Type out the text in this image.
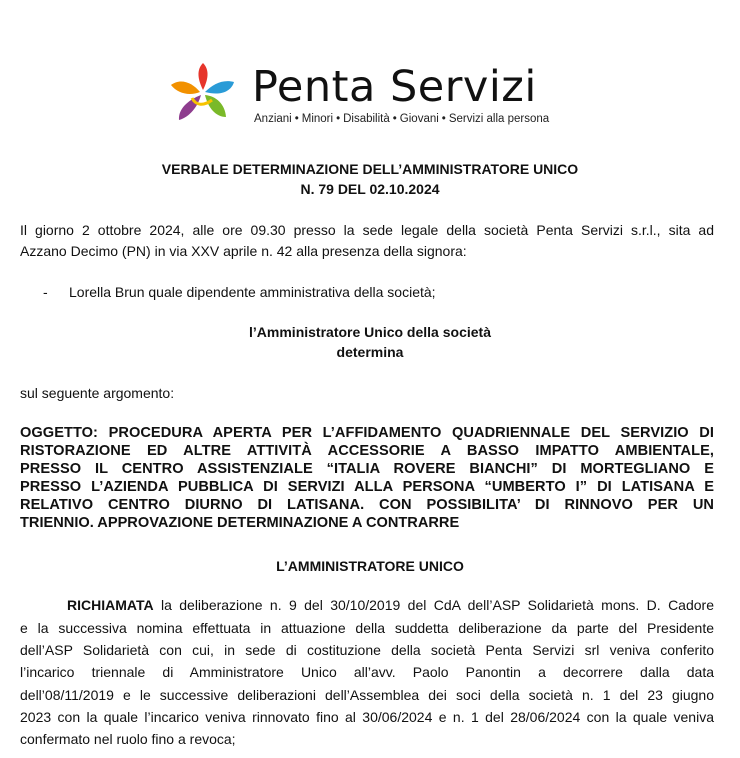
Penta Servizi
Anziani • Minori • Disabilità • Giovani • Servizi alla persona
VERBALE DETERMINAZIONE DELL’AMMINISTRATORE UNICO
N. 79 DEL 02.10.2024
Il giorno 2 ottobre 2024, alle ore 09.30 presso la sede legale della società Penta Servizi s.r.l., sita ad
Azzano Decimo (PN) in via XXV aprile n. 42 alla presenza della signora:
- Lorella Brun quale dipendente amministrativa della società;
l’Amministratore Unico della società
determina
sul seguente argomento:
OGGETTO: PROCEDURA APERTA PER L’AFFIDAMENTO QUADRIENNALE DEL SERVIZIO DI
RISTORAZIONE ED ALTRE ATTIVITÀ ACCESSORIE A BASSO IMPATTO AMBIENTALE,
PRESSO IL CENTRO ASSISTENZIALE “ITALIA ROVERE BIANCHI” DI MORTEGLIANO E
PRESSO L’AZIENDA PUBBLICA DI SERVIZI ALLA PERSONA “UMBERTO I” DI LATISANA E
RELATIVO CENTRO DIURNO DI LATISANA. CON POSSIBILITA’ DI RINNOVO PER UN
TRIENNIO. APPROVAZIONE DETERMINAZIONE A CONTRARRE
L’AMMINISTRATORE UNICO
RICHIAMATA la deliberazione n. 9 del 30/10/2019 del CdA dell’ASP Solidarietà mons. D. Cadore
e la successiva nomina effettuata in attuazione della suddetta deliberazione da parte del Presidente
dell’ASP Solidarietà con cui, in sede di costituzione della società Penta Servizi srl veniva conferito
l’incarico triennale di Amministratore Unico all’avv. Paolo Panontin a decorrere dalla data
dell’08/11/2019 e le successive deliberazioni dell’Assemblea dei soci della società n. 1 del 23 giugno
2023 con la quale l’incarico veniva rinnovato fino al 30/06/2024 e n. 1 del 28/06/2024 con la quale veniva
confermato nel ruolo fino a revoca;
